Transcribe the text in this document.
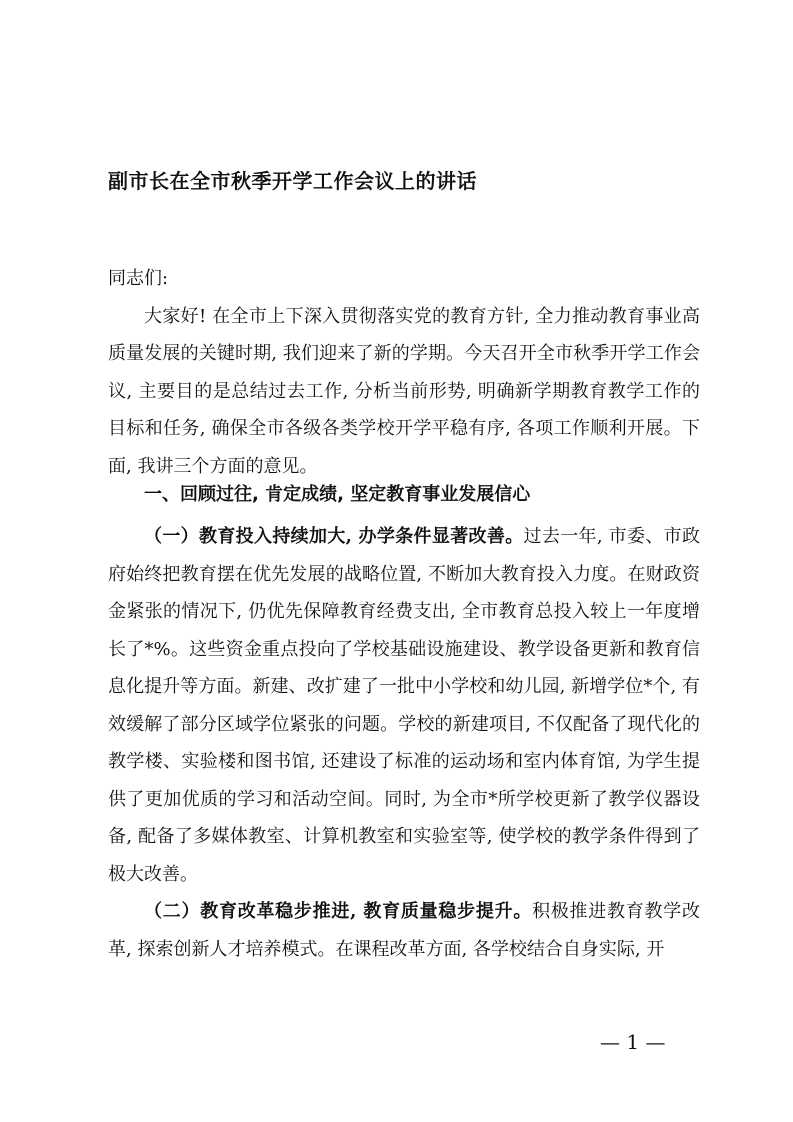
副市长在全市秋季开学工作会议上的讲话

同志们:

大家好! 在全市上下深入贯彻落实党的教育方针, 全力推动教育事业高质量发展的关键时期, 我们迎来了新的学期。今天召开全市秋季开学工作会议, 主要目的是总结过去工作, 分析当前形势, 明确新学期教育教学工作的目标和任务, 确保全市各级各类学校开学平稳有序, 各项工作顺利开展。下面, 我讲三个方面的意见。

一、回顾过往, 肯定成绩, 坚定教育事业发展信心

（一）教育投入持续加大, 办学条件显著改善。过去一年, 市委、市政府始终把教育摆在优先发展的战略位置, 不断加大教育投入力度。在财政资金紧张的情况下, 仍优先保障教育经费支出, 全市教育总投入较上一年度增长了*%。这些资金重点投向了学校基础设施建设、教学设备更新和教育信息化提升等方面。新建、改扩建了一批中小学校和幼儿园, 新增学位*个, 有效缓解了部分区域学位紧张的问题。学校的新建项目, 不仅配备了现代化的教学楼、实验楼和图书馆, 还建设了标准的运动场和室内体育馆, 为学生提供了更加优质的学习和活动空间。同时, 为全市*所学校更新了教学仪器设备, 配备了多媒体教室、计算机教室和实验室等, 使学校的教学条件得到了极大改善。

（二）教育改革稳步推进, 教育质量稳步提升。积极推进教育教学改革, 探索创新人才培养模式。在课程改革方面, 各学校结合自身实际, 开

— 1 —
